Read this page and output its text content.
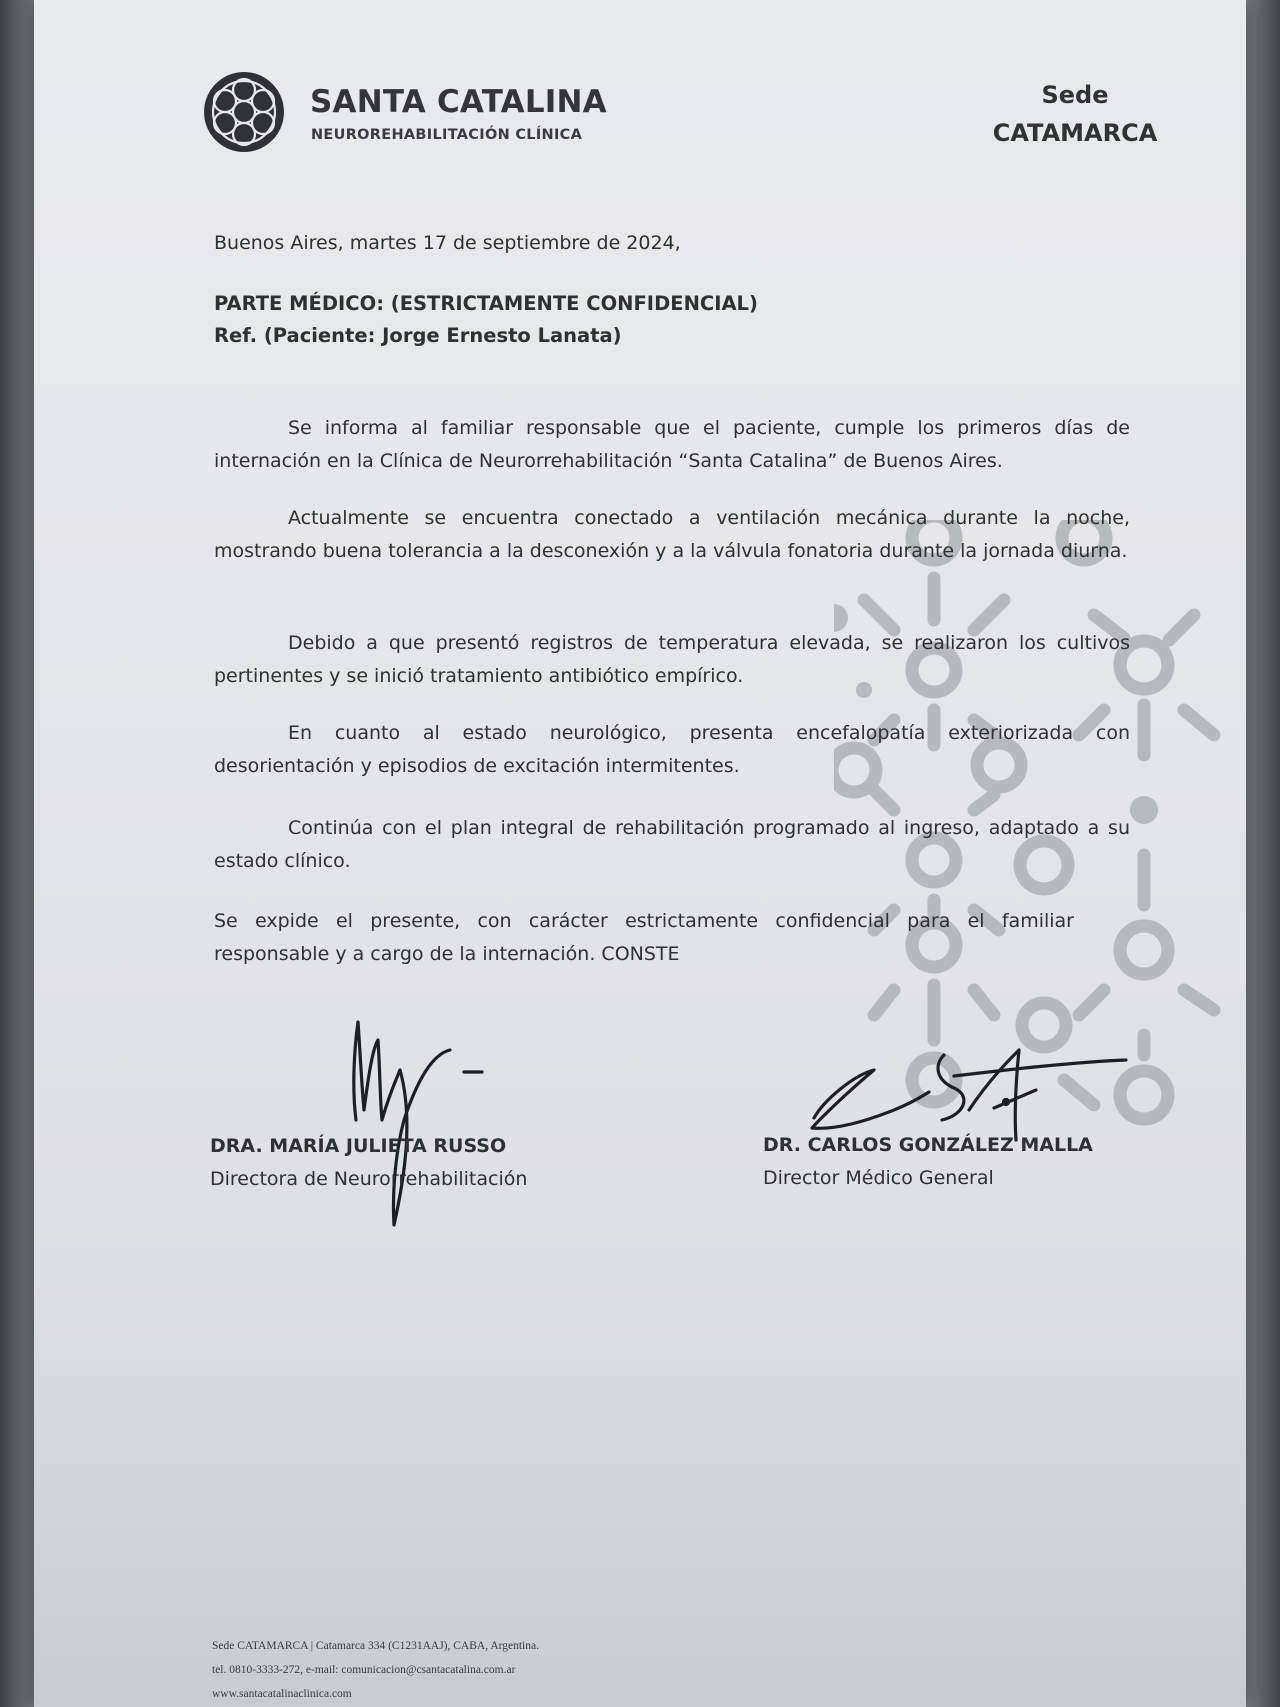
SANTA CATALINA
NEUROREHABILITACIÓN CLÍNICA
Sede
CATAMARCA
Buenos Aires, martes 17 de septiembre de 2024,
PARTE MÉDICO: (ESTRICTAMENTE CONFIDENCIAL)
Ref. (Paciente: Jorge Ernesto Lanata)
Se informa al familiar responsable que el paciente, cumple los primeros días de internación en la Clínica de Neurorrehabilitación “Santa Catalina” de Buenos Aires.
Actualmente se encuentra conectado a ventilación mecánica durante la noche, mostrando buena tolerancia a la desconexión y a la válvula fonatoria durante la jornada diurna.
Debido a que presentó registros de temperatura elevada, se realizaron los cultivos pertinentes y se inició tratamiento antibiótico empírico.
En cuanto al estado neurológico, presenta encefalopatía exteriorizada con desorientación y episodios de excitación intermitentes.
Continúa con el plan integral de rehabilitación programado al ingreso, adaptado a su estado clínico.
Se expide el presente, con carácter estrictamente confidencial para el familiar responsable y a cargo de la internación. CONSTE
DRA. MARÍA JULIETA RUSSO
Directora de Neurorrehabilitación
DR. CARLOS GONZÁLEZ MALLA
Director Médico General
Sede CATAMARCA | Catamarca 334 (C1231AAJ), CABA, Argentina.
tel. 0810-3333-272, e-mail: comunicacion@csantacatalina.com.ar
www.santacatalinaclinica.com
